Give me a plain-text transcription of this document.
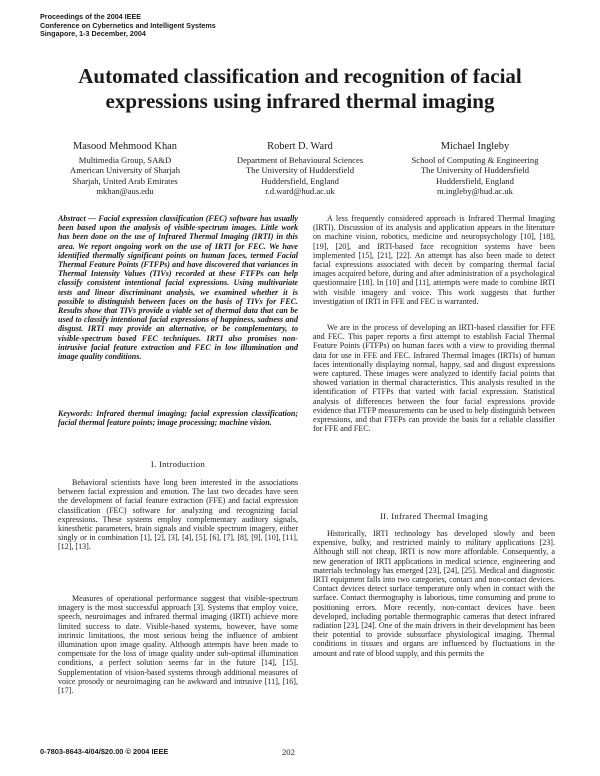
Proceedings of the 2004 IEEE
Conference on Cybernetics and Intelligent Systems
Singapore, 1-3 December, 2004
Automated classification and recognition of facial expressions using infrared thermal imaging
Masood Mehmood Khan
Multimedia Group, SA&D
American University of Sharjah
Sharjah, United Arab Emirates
mkhan@aus.edu
Robert D. Ward
Department of Behavioural Sciences
The University of Huddersfield
Huddersfield, England
r.d.ward@hud.ac.uk
Michael Ingleby
School of Computing & Engineering
The University of Huddersfield
Huddersfield, England
m.ingleby@hud.ac.uk

Abstract — Facial expression classification (FEC) software has usually been based upon the analysis of visible-spectrum images. Little work has been done on the use of Infrared Thermal Imaging (IRTI) in this area. We report ongoing work on the use of IRTI for FEC. We have identified thermally significant points on human faces, termed Facial Thermal Feature Points (FTFPs) and have discovered that variances in Thermal Intensity Values (TIVs) recorded at these FTFPs can help classify consistent intentional facial expressions. Using multivariate tests and linear discriminant analysis, we examined whether it is possible to distinguish between faces on the basis of TIVs for FEC. Results show that TIVs provide a viable set of thermal data that can be used to classify intentional facial expressions of happiness, sadness and disgust. IRTI may provide an alternative, or be complementary, to visible-spectrum based FEC techniques. IRTI also promises non-intrusive facial feature extraction and FEC in low illumination and image quality conditions.

Keywords: Infrared thermal imaging; facial expression classification; facial thermal feature points; image processing; machine vision.

I. Introduction

Behavioral scientists have long been interested in the associations between facial expression and emotion. The last two decades have seen the development of facial feature extraction (FFE) and facial expression classification (FEC) software for analyzing and recognizing facial expressions. These systems employ complementary auditory signals, kinesthetic parameters, brain signals and visible spectrum imagery, either singly or in combination [1], [2], [3], [4], [5], [6], [7], [8], [9], [10], [11], [12], [13].

Measures of operational performance suggest that visible-spectrum imagery is the most successful approach [3]. Systems that employ voice, speech, neuroimages and infrared thermal imaging (IRTI) achieve more limited success to date. Visible-based systems, however, have some intrinsic limitations, the most serious being the influence of ambient illumination upon image quality. Although attempts have been made to compensate for the loss of image quality under sub-optimal illumination conditions, a perfect solution seems far in the future [14], [15]. Supplementation of vision-based systems through additional measures of voice prosody or neuroimaging can be awkward and intrusive [11], [16], [17].

A less frequently considered approach is Infrared Thermal Imaging (IRTI). Discussion of its analysis and application appears in the literature on machine vision, robotics, medicine and neuropsychology [10], [18], [19], [20], and IRTI-based face recognition systems have been implemented [15], [21], [22]. An attempt has also been made to detect facial expressions associated with deceit by comparing thermal facial images acquired before, during and after administration of a psychological questionnaire [18]. In [10] and [11], attempts were made to combine IRTI with visible imagery and voice. This work suggests that further investigation of IRTI in FFE and FEC is warranted.

We are in the process of developing an IRTI-based classifier for FFE and FEC. This paper reports a first attempt to establish Facial Thermal Feature Points (FTFPs) on human faces with a view to providing thermal data for use in FFE and FEC. Infrared Thermal Images (IRTIs) of human faces intentionally displaying normal, happy, sad and disgust expressions were captured. These images were analyzed to identify facial points that showed variation in thermal characteristics. This analysis resulted in the identification of FTFPs that varied with facial expression. Statistical analysis of differences between the four facial expressions provide evidence that FTFP measurements can be used to help distinguish between expressions, and that FTFPs can provide the basis for a reliable classifier for FFE and FEC.

II. Infrared Thermal Imaging

Historically, IRTI technology has developed slowly and been expensive, bulky, and restricted mainly to military applications [23]. Although still not cheap, IRTI is now more affordable. Consequently, a new generation of IRTI applications in medical science, engineering and materials technology has emerged [23], [24], [25]. Medical and diagnostic IRTI equipment falls into two categories, contact and non-contact devices. Contact devices detect surface temperature only when in contact with the surface. Contact thermography is laborious, time consuming and prone to positioning errors. More recently, non-contact devices have been developed, including portable thermographic cameras that detect infrared radiation [23], [24]. One of the main drivers in their development has been their potential to provide subsurface physiological imaging. Thermal conditions in tissues and organs are influenced by fluctuations in the amount and rate of blood supply, and this permits the

0-7803-8643-4/04/$20.00 © 2004 IEEE	202
